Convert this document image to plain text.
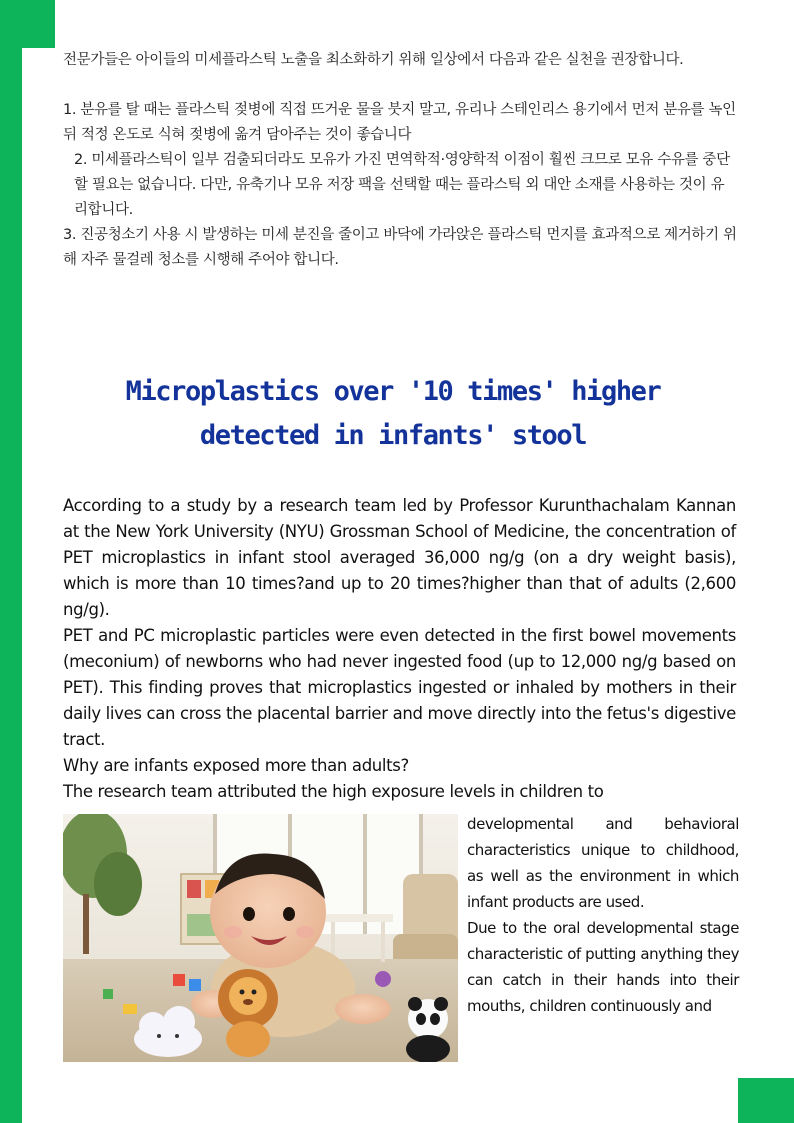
전문가들은 아이들의 미세플라스틱 노출을 최소화하기 위해 일상에서 다음과 같은 실천을 권장합니다.

1. 분유를 탈 때는 플라스틱 젖병에 직접 뜨거운 물을 붓지 말고, 유리나 스테인리스 용기에서 먼저 분유를 녹인 뒤 적정 온도로 식혀 젖병에 옮겨 담아주는 것이 좋습니다

2. 미세플라스틱이 일부 검출되더라도 모유가 가진 면역학적·영양학적 이점이 훨씬 크므로 모유 수유를 중단할 필요는 없습니다. 다만, 유축기나 모유 저장 팩을 선택할 때는 플라스틱 외 대안 소재를 사용하는 것이 유리합니다.

3. 진공청소기 사용 시 발생하는 미세 분진을 줄이고 바닥에 가라앉은 플라스틱 먼지를 효과적으로 제거하기 위해 자주 물걸레 청소를 시행해 주어야 합니다.

Microplastics over '10 times' higher
detected in infants' stool

According to a study by a research team led by Professor Kurunthachalam Kannan at the New York University (NYU) Grossman School of Medicine, the concentration of PET microplastics in infant stool averaged 36,000 ng/g (on a dry weight basis), which is more than 10 times?and up to 20 times?higher than that of adults (2,600 ng/g).

PET and PC microplastic particles were even detected in the first bowel movements (meconium) of newborns who had never ingested food (up to 12,000 ng/g based on PET). This finding proves that microplastics ingested or inhaled by mothers in their daily lives can cross the placental barrier and move directly into the fetus's digestive tract.

Why are infants exposed more than adults?

The research team attributed the high exposure levels in children to

developmental and behavioral characteristics unique to childhood, as well as the environment in which infant products are used.

Due to the oral developmental stage characteristic of putting anything they can catch in their hands into their mouths, children continuously and
